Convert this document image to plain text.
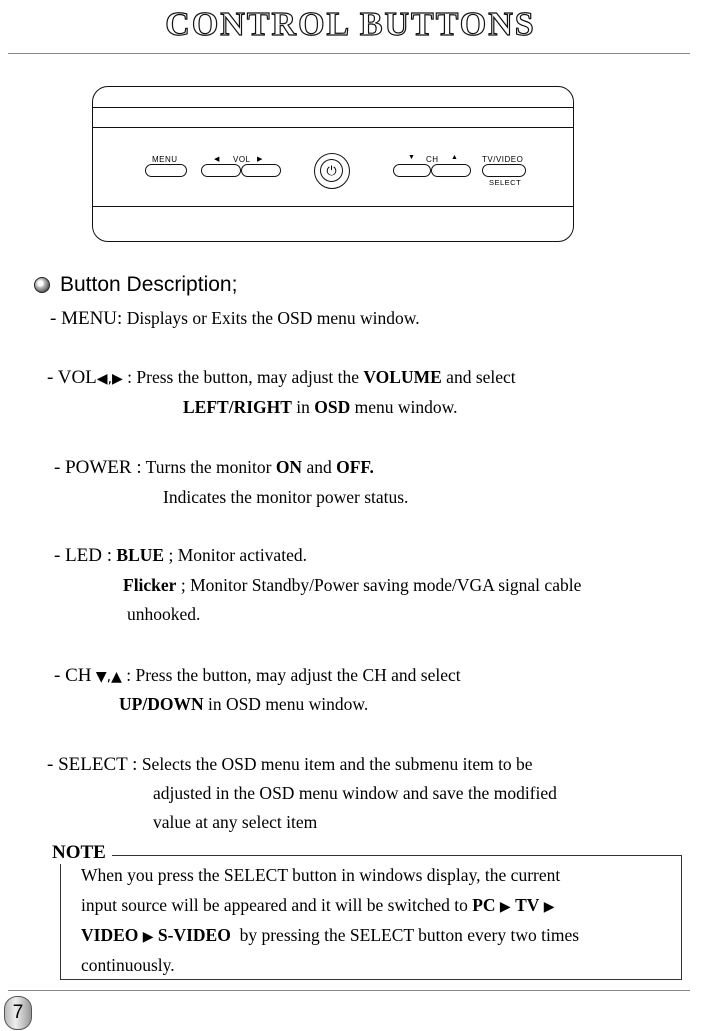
CONTROL BUTTONS
MENU	◀ VOL ▶
⏻
▼ CH ▲	TV/VIDEO
SELECT
Button Description;
- MENU: Displays or Exits the OSD menu window.
- VOL◀,▶ : Press the button, may adjust the VOLUME and select
LEFT/RIGHT in OSD menu window.
- POWER : Turns the monitor ON and OFF.
Indicates the monitor power status.
- LED : BLUE ; Monitor activated.
Flicker ; Monitor Standby/Power saving mode/VGA signal cable
unhooked.
- CH ▼,▲ : Press the button, may adjust the CH and select
UP/DOWN in OSD menu window.
- SELECT : Selects the OSD menu item and the submenu item to be
adjusted in the OSD menu window and save the modified
value at any select item
NOTE
When you press the SELECT button in windows display, the current
input source will be appeared and it will be switched to PC ▶ TV ▶
VIDEO ▶ S-VIDEO  by pressing the SELECT button every two times
continuously.
7
